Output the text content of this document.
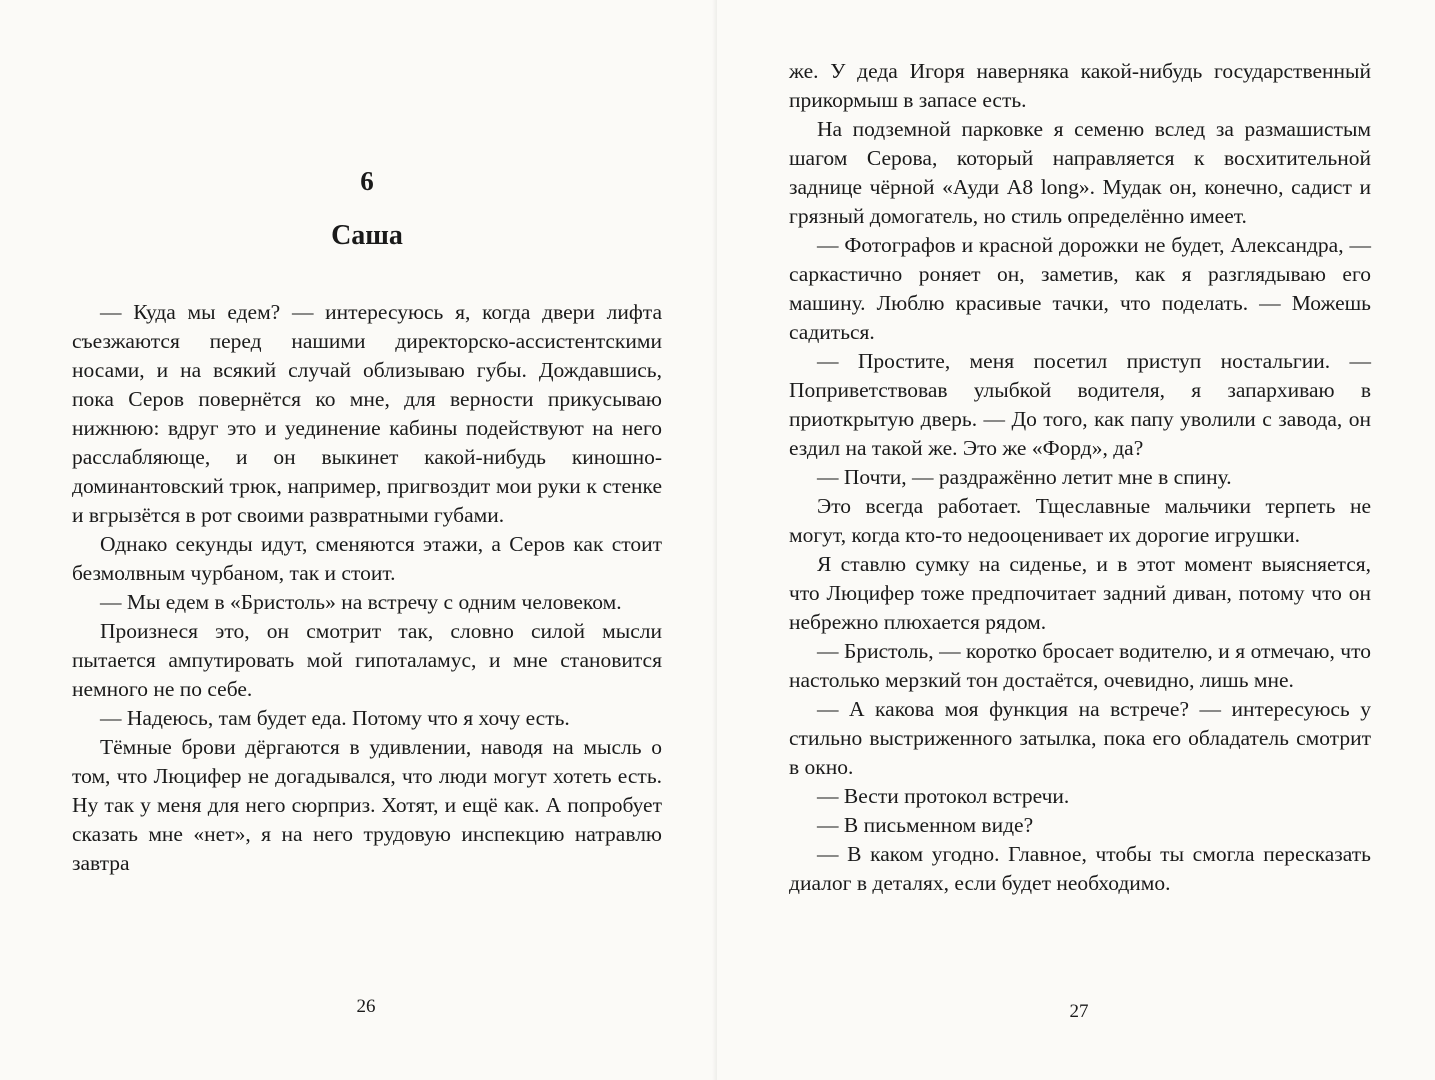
6
Саша

— Куда мы едем? — интересуюсь я, когда двери лифта съезжаются перед нашими директорско-ассистентскими носами, и на всякий случай облизываю губы. Дождавшись, пока Серов повернётся ко мне, для верности прикусываю нижнюю: вдруг это и уединение кабины подействуют на него расслабляюще, и он выкинет какой-нибудь киношно-доминантовский трюк, например, пригвоздит мои руки к стенке и вгрызётся в рот своими развратными губами.

Однако секунды идут, сменяются этажи, а Серов как стоит безмолвным чурбаном, так и стоит.

— Мы едем в «Бристоль» на встречу с одним человеком.

Произнеся это, он смотрит так, словно силой мысли пытается ампутировать мой гипоталамус, и мне становится немного не по себе.

— Надеюсь, там будет еда. Потому что я хочу есть.

Тёмные брови дёргаются в удивлении, наводя на мысль о том, что Люцифер не догадывался, что люди могут хотеть есть. Ну так у меня для него сюрприз. Хотят, и ещё как. А попробует сказать мне «нет», я на него трудовую инспекцию натравлю завтра

26

же. У деда Игоря наверняка какой-нибудь государственный прикормыш в запасе есть.

На подземной парковке я семеню вслед за размашистым шагом Серова, который направляется к восхитительной заднице чёрной «Ауди А8 long». Мудак он, конечно, садист и грязный домогатель, но стиль определённо имеет.

— Фотографов и красной дорожки не будет, Александра, — саркастично роняет он, заметив, как я разглядываю его машину. Люблю красивые тачки, что поделать. — Можешь садиться.

— Простите, меня посетил приступ ностальгии. — Поприветствовав улыбкой водителя, я запархиваю в приоткрытую дверь. — До того, как папу уволили с завода, он ездил на такой же. Это же «Форд», да?

— Почти, — раздражённо летит мне в спину.

Это всегда работает. Тщеславные мальчики терпеть не могут, когда кто-то недооценивает их дорогие игрушки.

Я ставлю сумку на сиденье, и в этот момент выясняется, что Люцифер тоже предпочитает задний диван, потому что он небрежно плюхается рядом.

— Бристоль, — коротко бросает водителю, и я отмечаю, что настолько мерзкий тон достаётся, очевидно, лишь мне.

— А какова моя функция на встрече? — интересуюсь у стильно выстриженного затылка, пока его обладатель смотрит в окно.

— Вести протокол встречи.

— В письменном виде?

— В каком угодно. Главное, чтобы ты смогла пересказать диалог в деталях, если будет необходимо.

27
